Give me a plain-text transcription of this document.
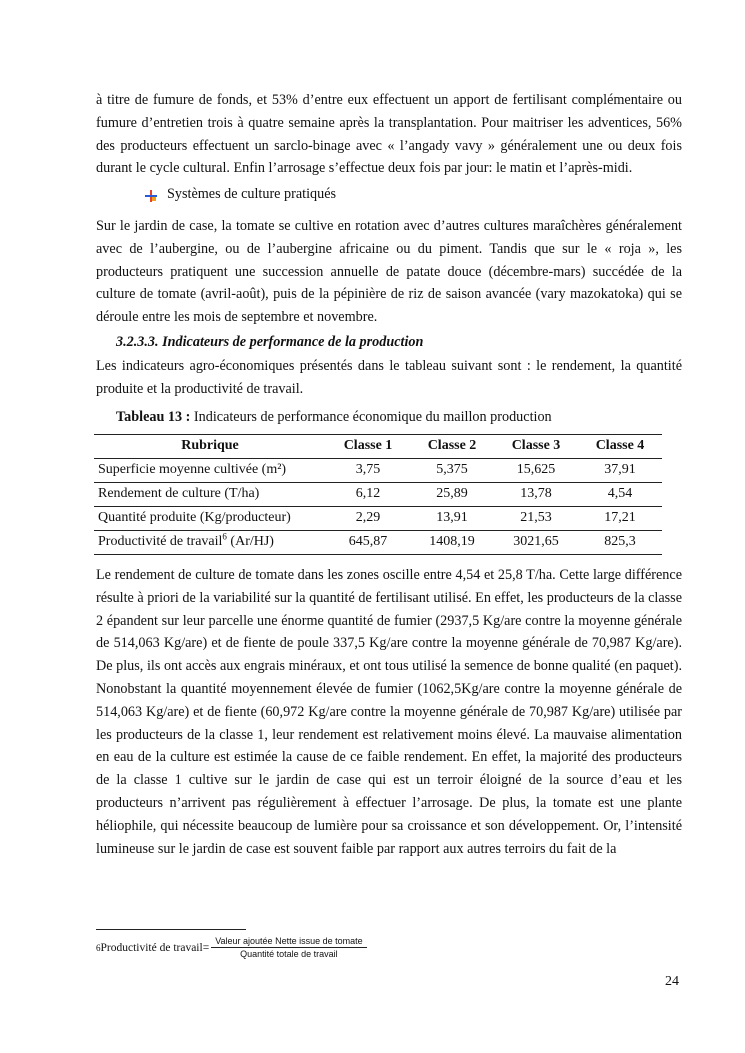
à titre de fumure de fonds, et 53% d’entre eux effectuent un apport de fertilisant complémentaire ou fumure d’entretien trois à quatre semaine après la transplantation. Pour maitriser les adventices, 56% des producteurs effectuent un sarclo-binage avec « l’angady vavy » généralement une ou deux fois durant le cycle cultural. Enfin l’arrosage s’effectue deux fois par jour: le matin et l’après-midi.

Systèmes de culture pratiqués

Sur le jardin de case, la tomate se cultive en rotation avec d’autres cultures maraîchères généralement avec de l’aubergine, ou de l’aubergine africaine ou du piment. Tandis que sur le « roja », les producteurs pratiquent une succession annuelle de patate douce (décembre-mars) succédée de la culture de tomate (avril-août), puis de la pépinière de riz de saison avancée (vary mazokatoka) qui se déroule entre les mois de septembre et novembre.

3.2.3.3. Indicateurs de performance de la production

Les indicateurs agro-économiques présentés dans le tableau suivant sont : le rendement, la quantité produite et la productivité de travail.

Tableau 13 : Indicateurs de performance économique du maillon production
Rubrique	Classe 1	Classe 2	Classe 3	Classe 4
Superficie moyenne cultivée (m²)	3,75	5,375	15,625	37,91
Rendement de culture (T/ha)	6,12	25,89	13,78	4,54
Quantité produite (Kg/producteur)	2,29	13,91	21,53	17,21
Productivité de travail$^6$ (Ar/HJ)	645,87	1408,19	3021,65	825,3

Le rendement de culture de tomate dans les zones oscille entre 4,54 et 25,8 T/ha. Cette large différence résulte à priori de la variabilité sur la quantité de fertilisant utilisé. En effet, les producteurs de la classe 2 épandent sur leur parcelle une énorme quantité de fumier (2937,5 Kg/are contre la moyenne générale de 514,063 Kg/are) et de fiente de poule 337,5 Kg/are contre la moyenne générale de 70,987 Kg/are). De plus, ils ont accès aux engrais minéraux, et ont tous utilisé la semence de bonne qualité (en paquet). Nonobstant la quantité moyennement élevée de fumier (1062,5Kg/are contre la moyenne générale de 514,063 Kg/are) et de fiente (60,972 Kg/are contre la moyenne générale de 70,987 Kg/are) utilisée par les producteurs de la classe 1, leur rendement est relativement moins élevé. La mauvaise alimentation en eau de la culture est estimée la cause de ce faible rendement. En effet, la majorité des producteurs de la classe 1 cultive sur le jardin de case qui est un terroir éloigné de la source d’eau et les producteurs n’arrivent pas régulièrement à effectuer l’arrosage. De plus, la tomate est une plante héliophile, qui nécessite beaucoup de lumière pour sa croissance et son développement. Or, l’intensité lumineuse sur le jardin de case est souvent faible par rapport aux autres terroirs du fait de la

6 Productivité de travail= $\frac{\text{Valeur ajoutée Nette issue de tomate}}{\text{Quantité totale de travail}}$
24
